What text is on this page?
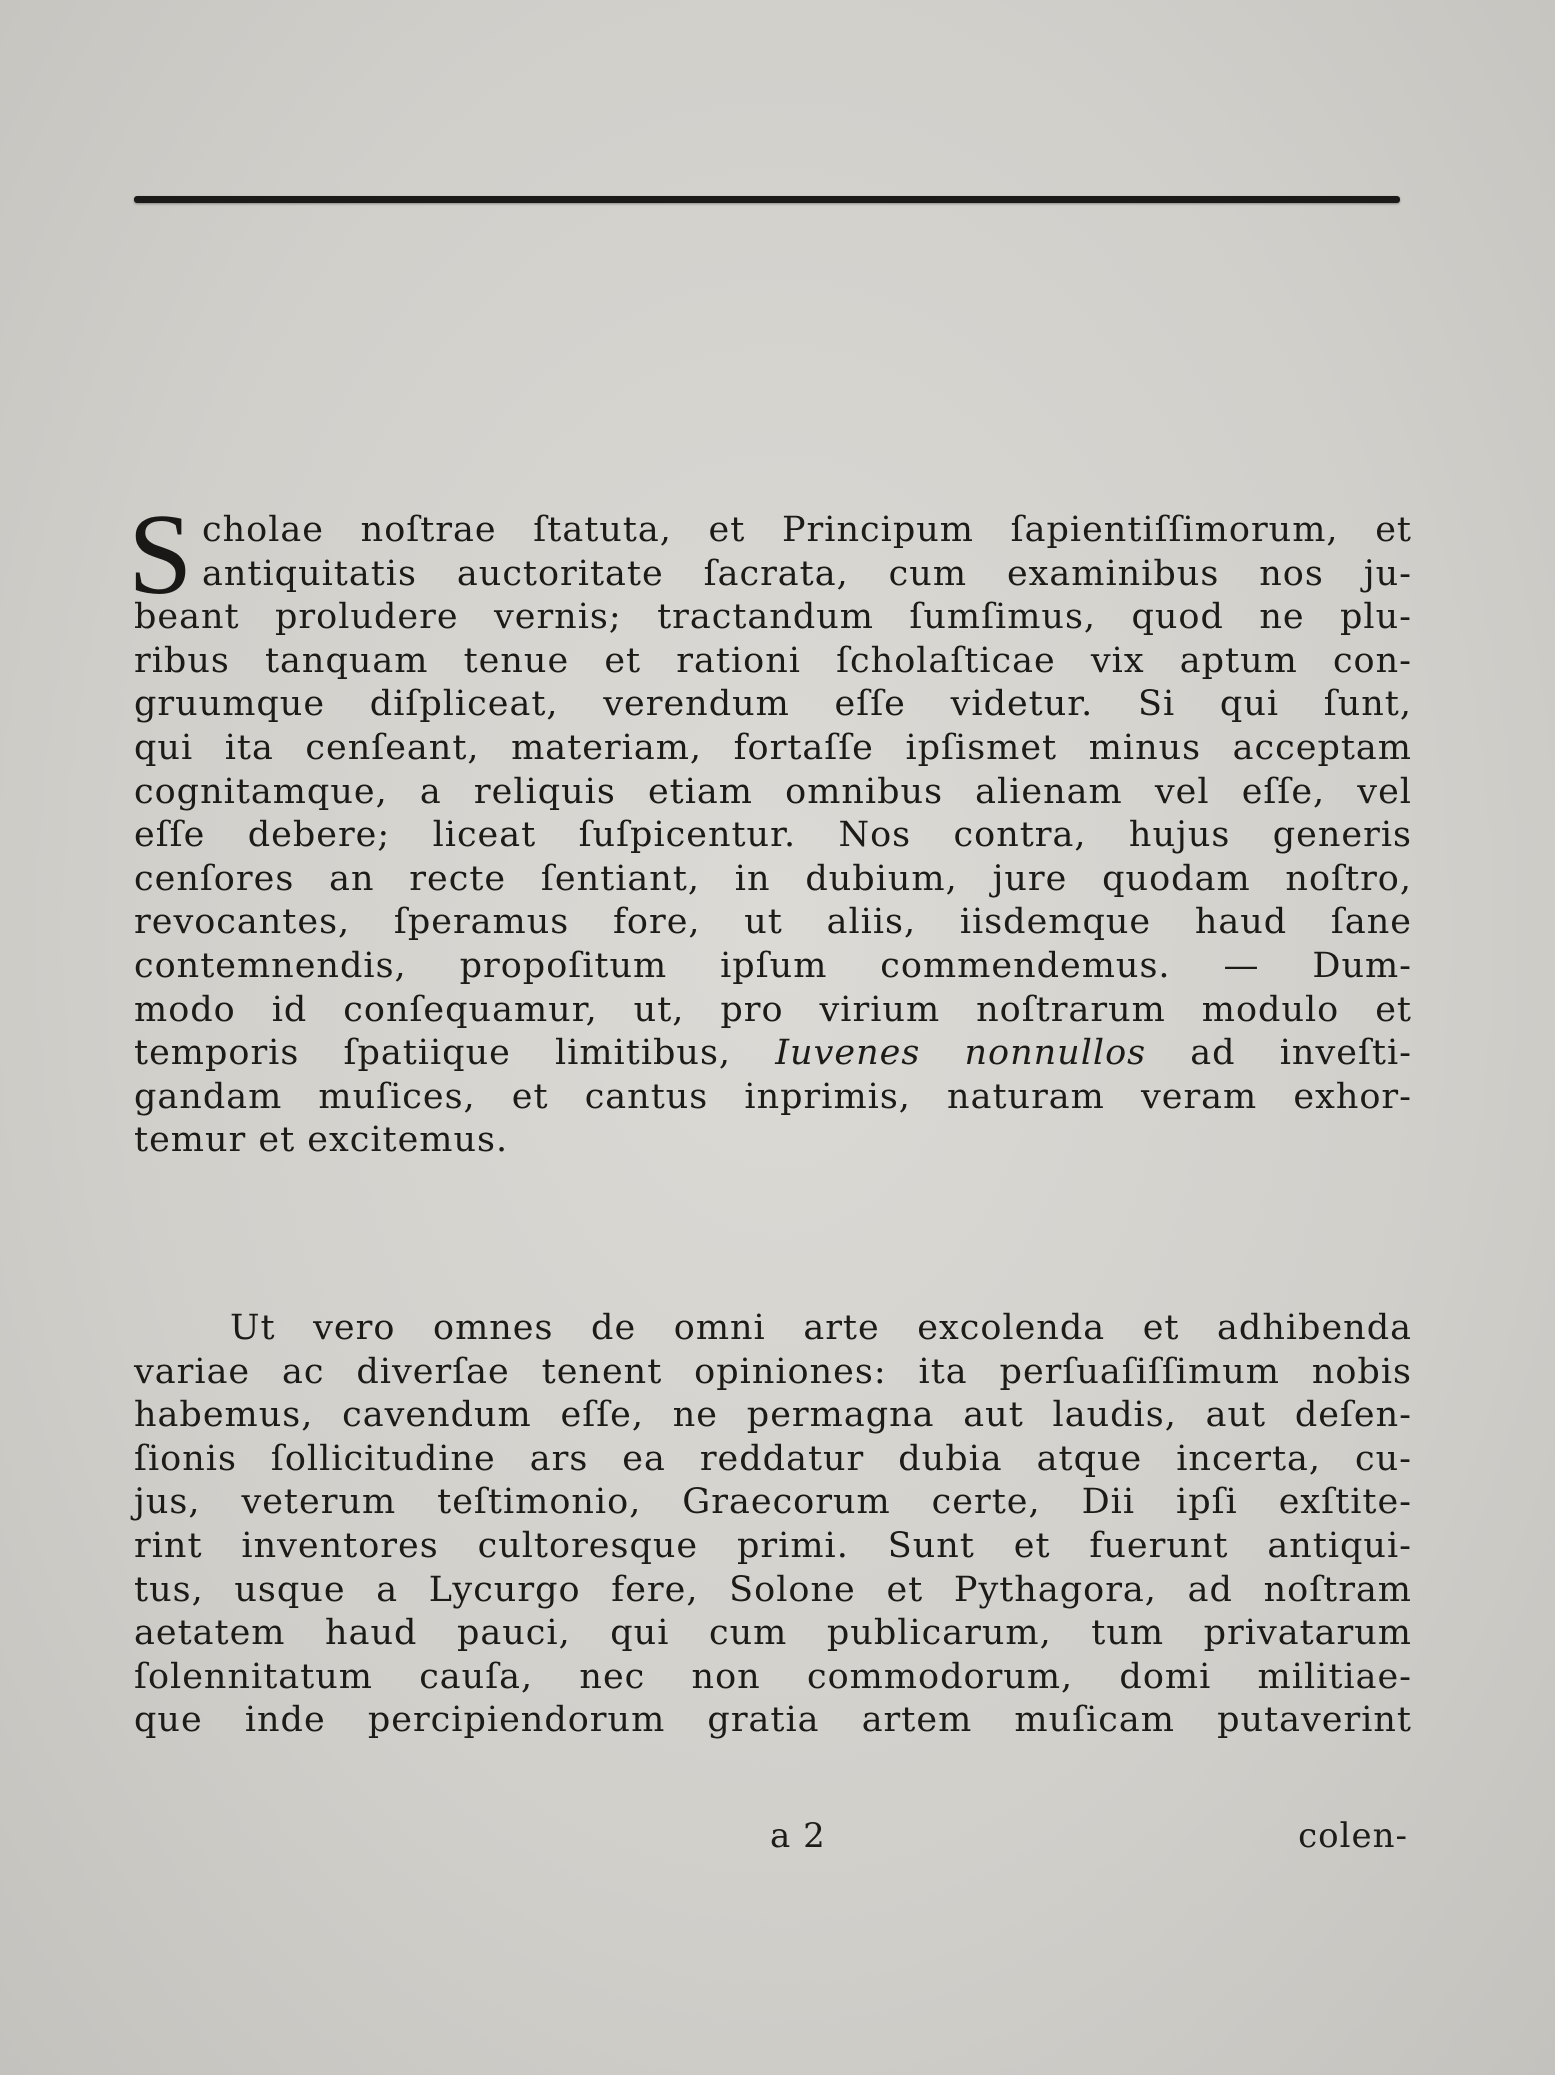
S cholae noſtrae ſtatuta, et Principum ſapientiſſimorum, et
antiquitatis auctoritate ſacrata, cum examinibus nos ju-
beant proludere vernis; tractandum ſumſimus, quod ne plu-
ribus tanquam tenue et rationi ſcholaſticae vix aptum con-
gruumque diſpliceat, verendum eſſe videtur. Si qui ſunt,
qui ita cenſeant, materiam, fortaſſe ipſismet minus acceptam
cognitamque, a reliquis etiam omnibus alienam vel eſſe, vel
eſſe debere; liceat ſuſpicentur. Nos contra, hujus generis
cenſores an recte ſentiant, in dubium, jure quodam noſtro,
revocantes, ſperamus fore, ut aliis, iisdemque haud ſane
contemnendis, propoſitum ipſum commendemus. — Dum-
modo id conſequamur, ut, pro virium noſtrarum modulo et
temporis ſpatiique limitibus, Iuvenes nonnullos ad inveſti-
gandam muſices, et cantus inprimis, naturam veram exhor-
temur et excitemus.
Ut vero omnes de omni arte excolenda et adhibenda
variae ac diverſae tenent opiniones: ita perſuaſiſſimum nobis
habemus, cavendum eſſe, ne permagna aut laudis, aut deſen-
ſionis ſollicitudine ars ea reddatur dubia atque incerta, cu-
jus, veterum teſtimonio, Graecorum certe, Dii ipſi exſtite-
rint inventores cultoresque primi. Sunt et fuerunt antiqui-
tus, usque a Lycurgo fere, Solone et Pythagora, ad noſtram
aetatem haud pauci, qui cum publicarum, tum privatarum
ſolennitatum cauſa, nec non commodorum, domi militiae-
que inde percipiendorum gratia artem muſicam putaverint
a 2	colen-
